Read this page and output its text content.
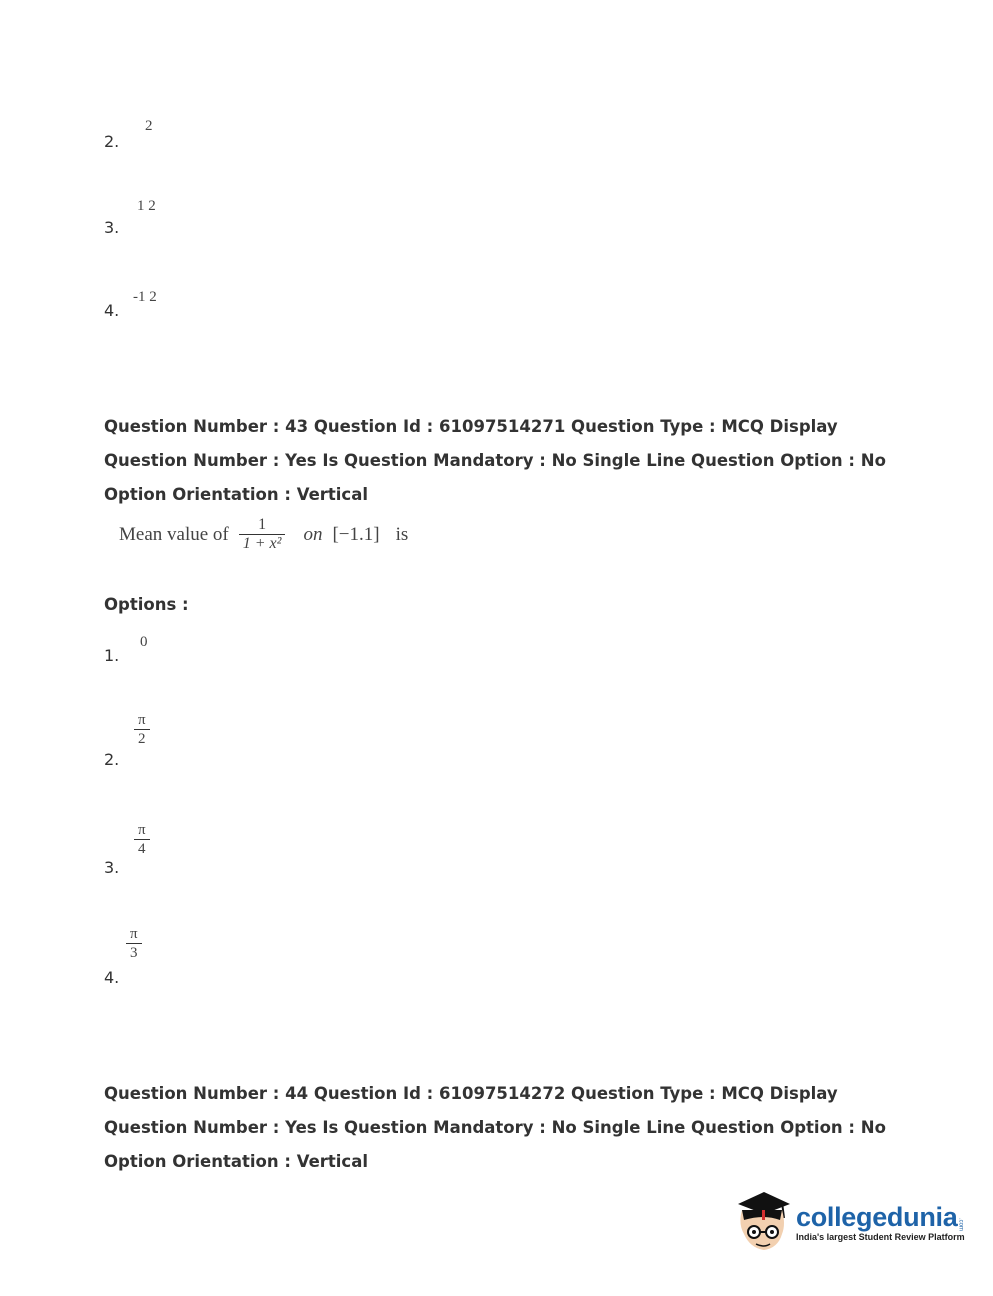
2.
2
3.
1 2
4.
-1 2
Question Number : 43 Question Id : 61097514271 Question Type : MCQ Display Question Number : Yes Is Question Mandatory : No Single Line Question Option : No Option Orientation : Vertical
Mean value of $\frac{1}{\text{1 + x²}}$ on [−1.1] is
Options :
1.
0
2.
$\frac{\pi}{2}$
3.
$\frac{\pi}{4}$
4.
$\frac{\pi}{3}$
Question Number : 44 Question Id : 61097514272 Question Type : MCQ Display Question Number : Yes Is Question Mandatory : No Single Line Question Option : No Option Orientation : Vertical
collegedunia .com
India's largest Student Review Platform
